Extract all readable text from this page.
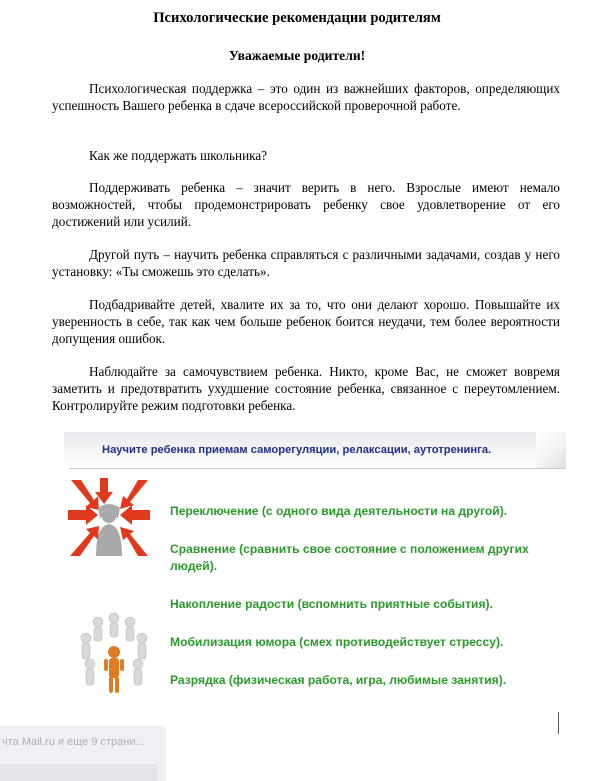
Психологические рекомендации родителям
Уважаемые родители!

Психологическая поддержка – это один из важнейших факторов, определяющих успешность Вашего ребенка в сдаче всероссийской проверочной работе.

Как же поддержать школьника?

Поддерживать ребенка – значит верить в него. Взрослые имеют немало возможностей, чтобы продемонстрировать ребенку свое удовлетворение от его достижений или усилий.

Другой путь – научить ребенка справляться с различными задачами, создав у него установку: «Ты сможешь это сделать».

Подбадривайте детей, хвалите их за то, что они делают хорошо. Повышайте их уверенность в себе, так как чем больше ребенок боится неудачи, тем более вероятности допущения ошибок.

Наблюдайте за самочувствием ребенка. Никто, кроме Вас, не сможет вовремя заметить и предотвратить ухудшение состояние ребенка, связанное с переутомлением. Контролируйте режим подготовки ребенка.

Научите ребенка приемам саморегуляции, релаксации, аутотренинга.
Переключение (с одного вида деятельности на другой).
Сравнение (сравнить свое состояние с положением других людей).
Накопление радости (вспомнить приятные события).
Мобилизация юмора (смех противодействует стрессу).
Разрядка (физическая работа, игра, любимые занятия).
чта Mail.ru и еще 9 страни...
